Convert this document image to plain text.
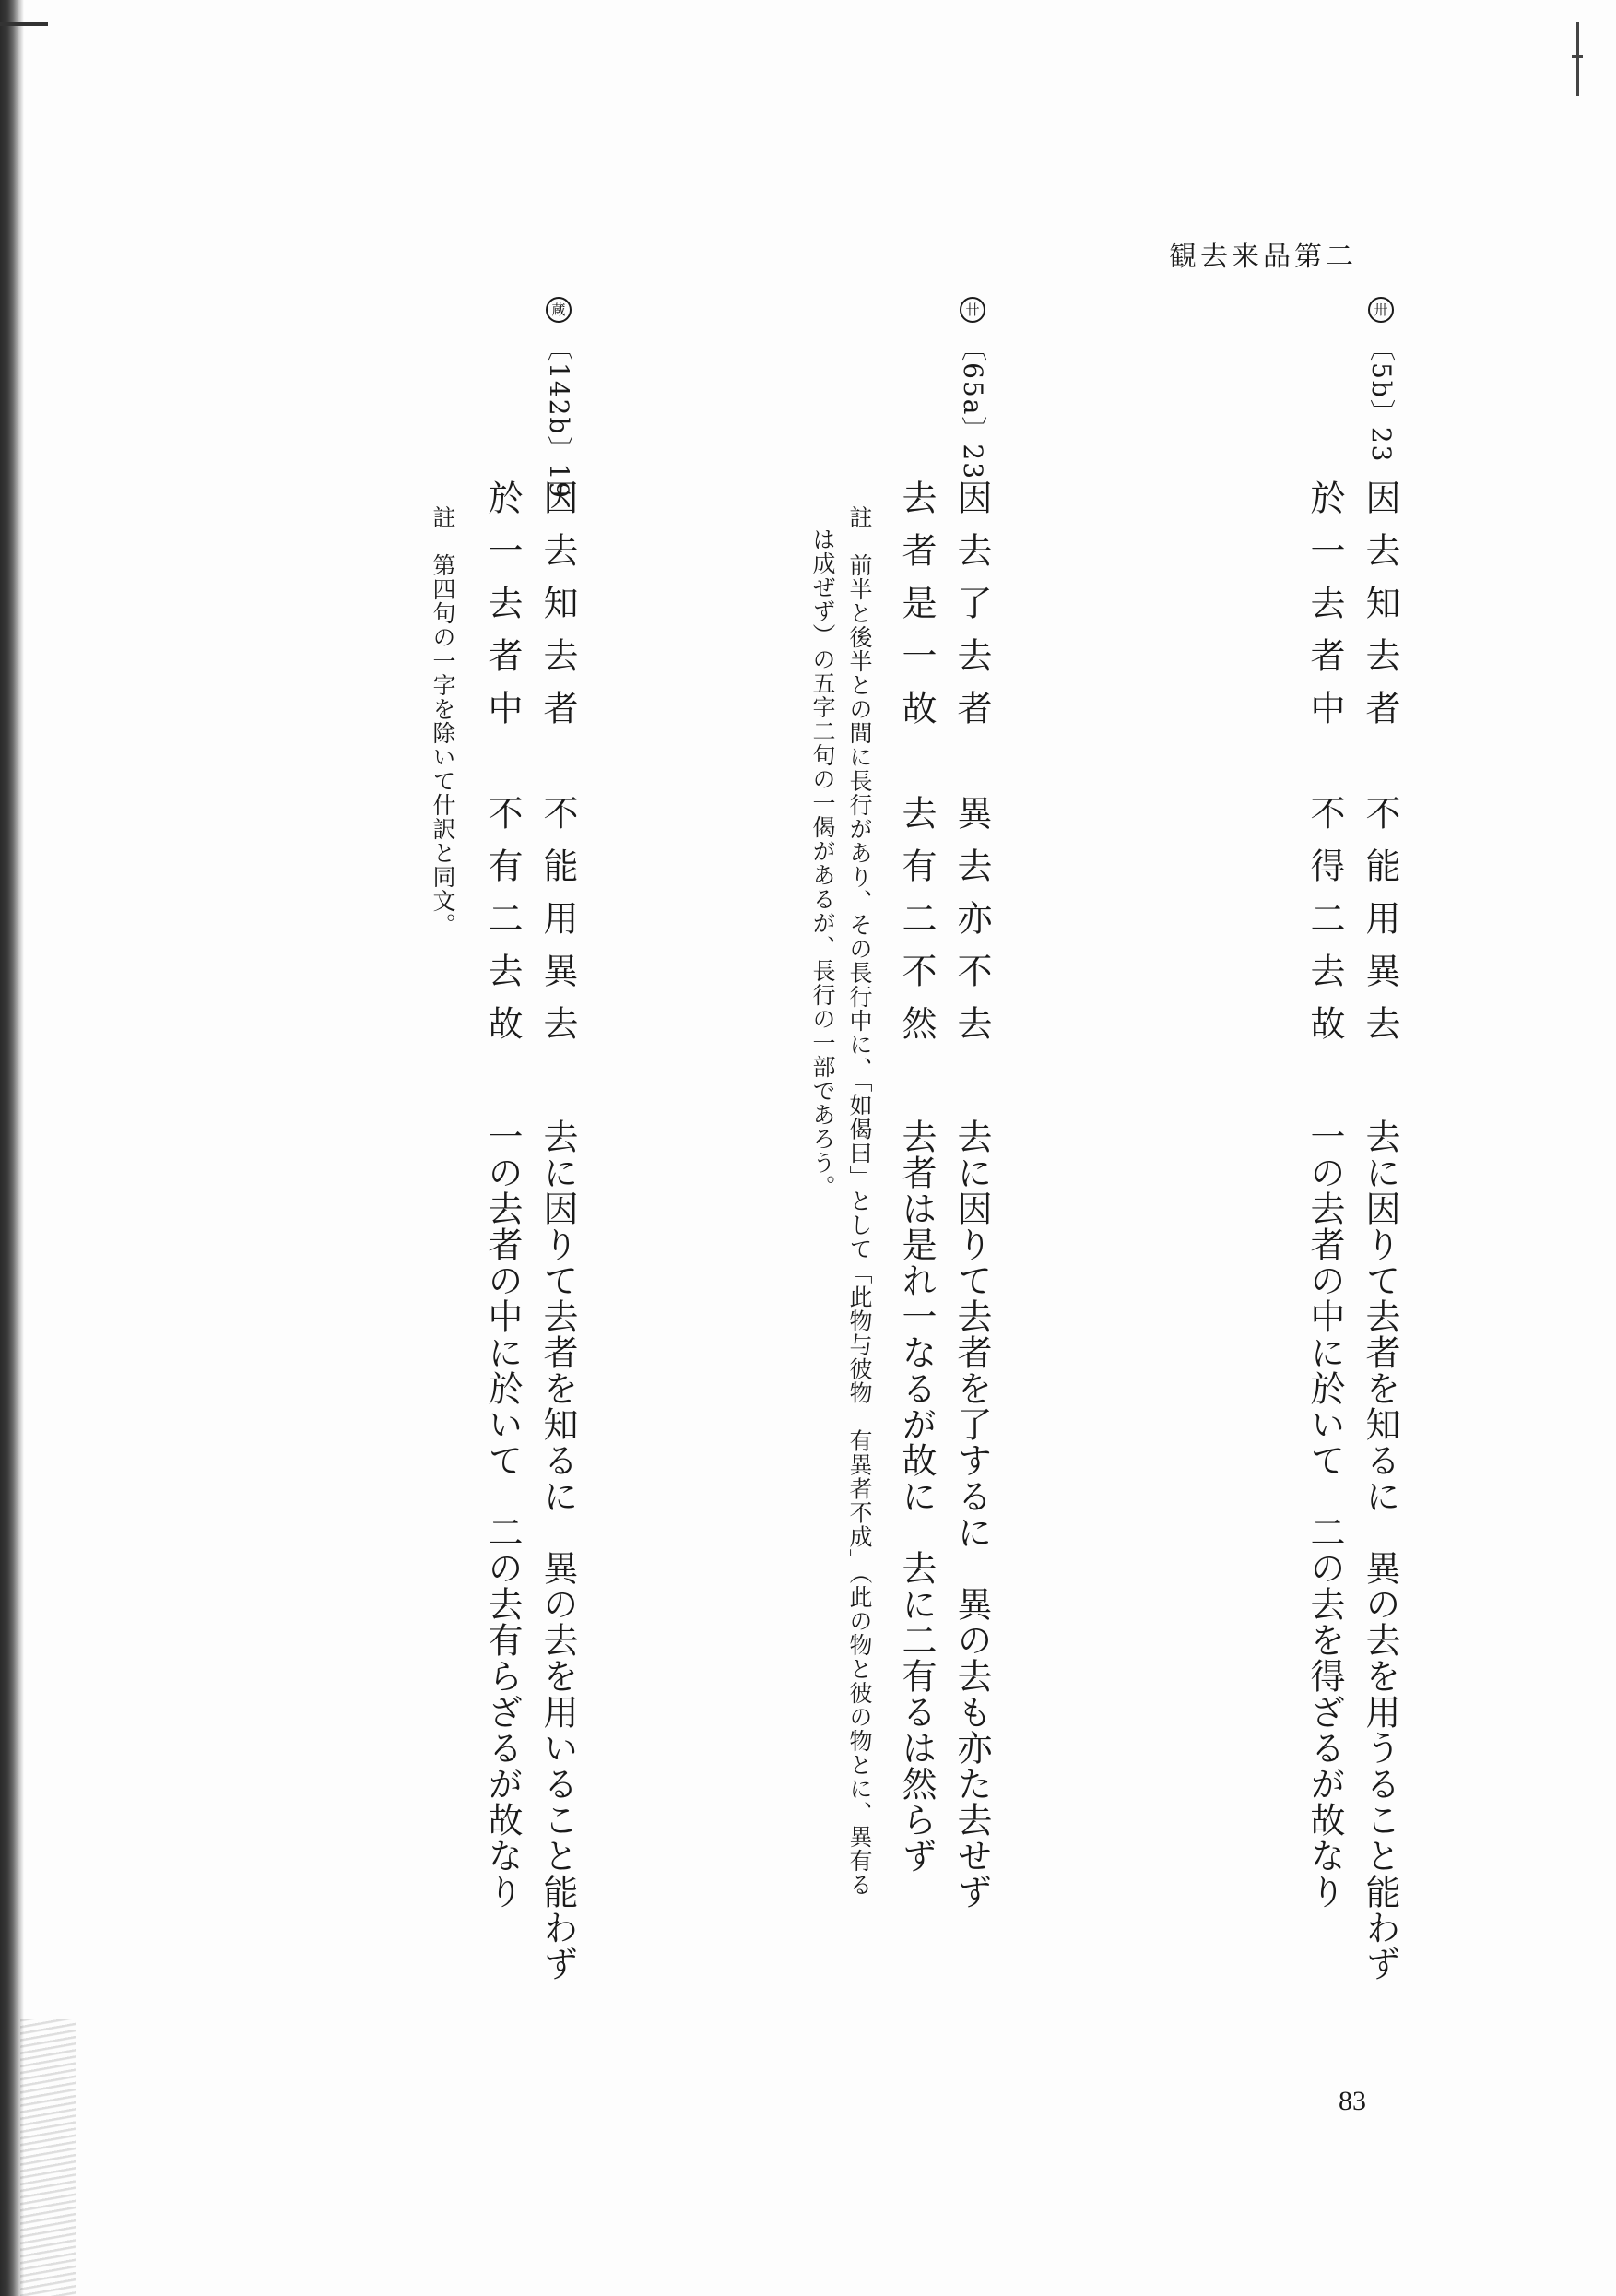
観去来品第二
卅 〔5b〕23
因去知去者　不能用異去
於一去者中　不得二去故
去に因りて去者を知るに　異の去を用うること能わず
一の去者の中に於いて　二の去を得ざるが故なり
卄 〔65a〕23
因去了去者　異去亦不去
去者是一故　去有二不然
去に因りて去者を了するに　異の去も亦た去せず
去者は是れ一なるが故に　去に二有るは然らず
註　前半と後半との間に長行があり、その長行中に、「如偈曰」として「此物与彼物　有異者不成」（此の物と彼の物とに、異有る
は成ぜず）の五字二句の一偈があるが、長行の一部であろう。
蔵 〔142b〕19
因去知去者　不能用異去
於一去者中　不有二去故
去に因りて去者を知るに　異の去を用いること能わず
一の去者の中に於いて　二の去有らざるが故なり
註　第四句の一字を除いて什訳と同文。
83
